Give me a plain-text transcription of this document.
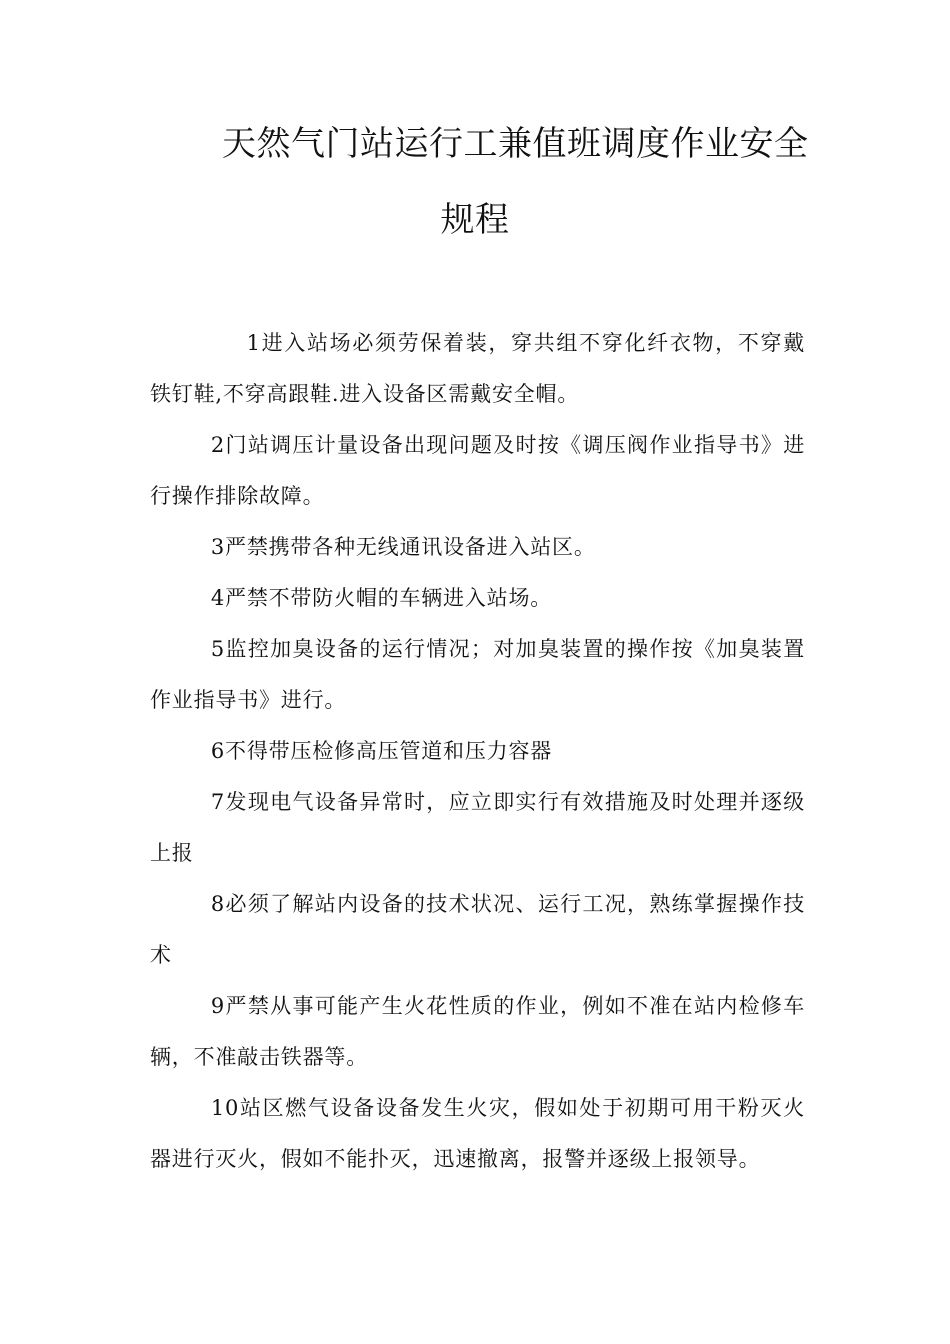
天然气门站运行工兼值班调度作业安全
规程

1进入站场必须劳保着装，穿共组不穿化纤衣物，不穿戴铁钉鞋,不穿高跟鞋.进入设备区需戴安全帽。

2门站调压计量设备出现问题及时按《调压阀作业指导书》进行操作排除故障。

3严禁携带各种无线通讯设备进入站区。

4严禁不带防火帽的车辆进入站场。

5监控加臭设备的运行情况；对加臭装置的操作按《加臭装置作业指导书》进行。

6不得带压检修高压管道和压力容器

7发现电气设备异常时，应立即实行有效措施及时处理并逐级上报

8必须了解站内设备的技术状况、运行工况，熟练掌握操作技术

9严禁从事可能产生火花性质的作业，例如不准在站内检修车辆，不准敲击铁器等。

10站区燃气设备设备发生火灾，假如处于初期可用干粉灭火器进行灭火，假如不能扑灭，迅速撤离，报警并逐级上报领导。
